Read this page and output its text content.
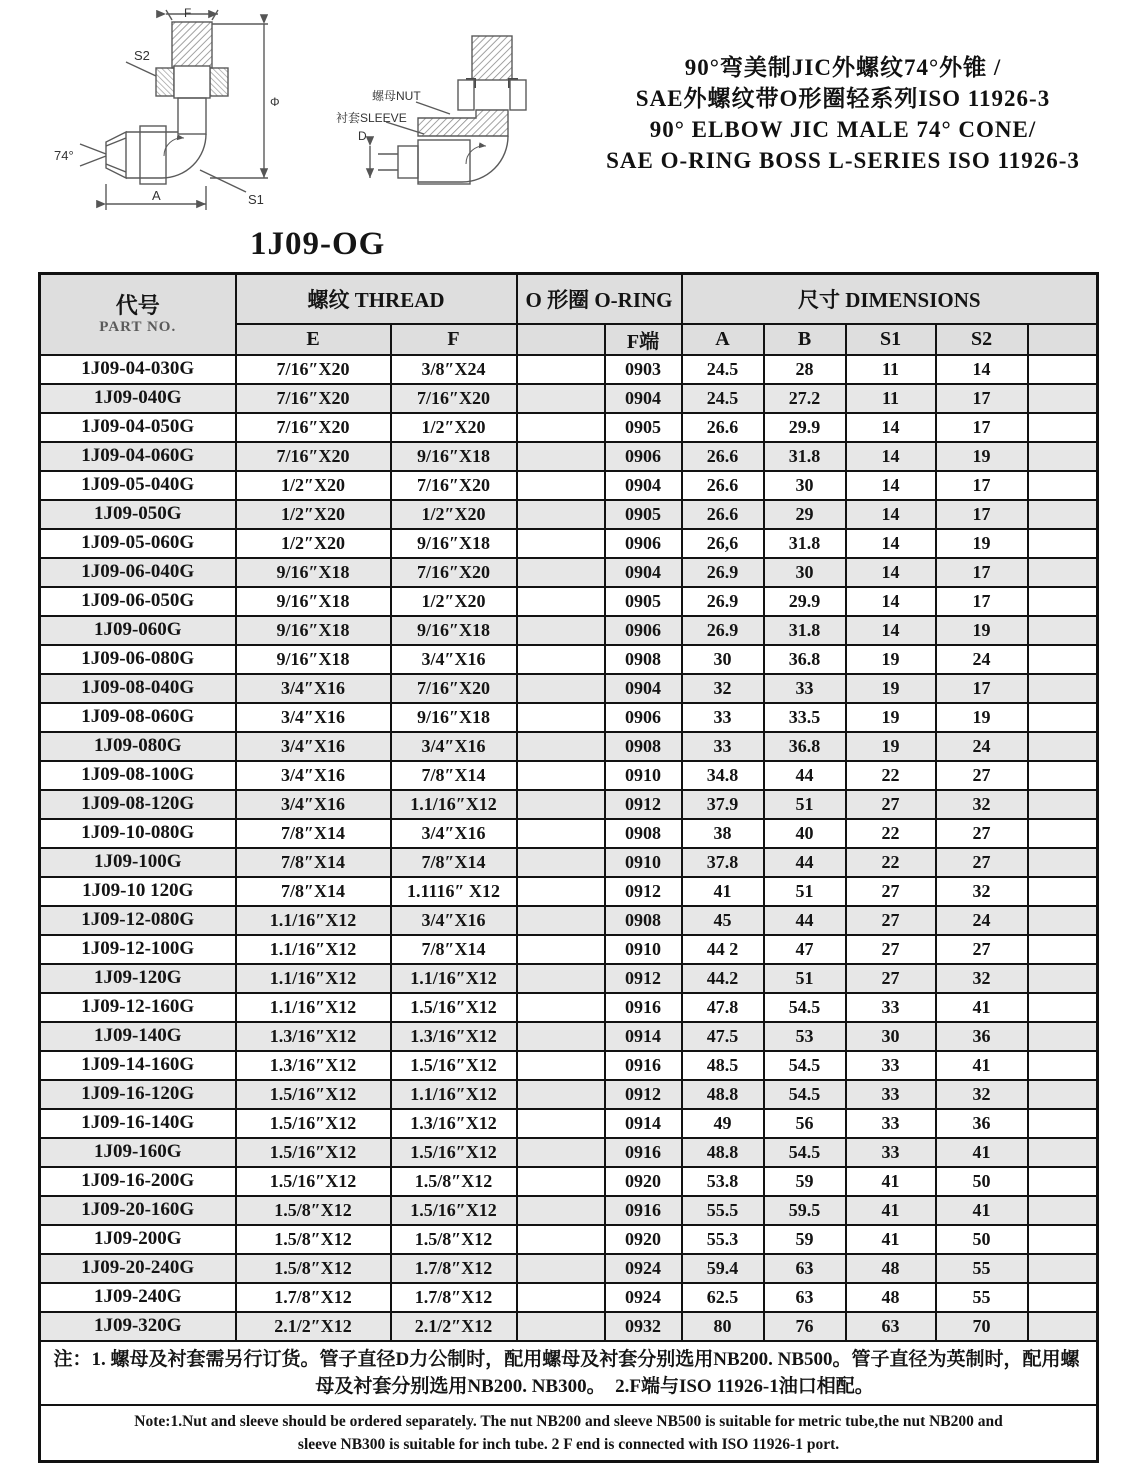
F
S2
74°
A	S1
Φ	螺母NUT
衬套SLEEVE
D
90°弯美制JIC外螺纹74°外锥 /
SAE外螺纹带O形圈轻系列ISO 11926-3
90° ELBOW JIC MALE 74° CONE/
SAE O-RING BOSS L-SERIES ISO 11926-3
1J09-OG
代号
PART NO.	螺纹 THREAD		O 形圈 O-RING		尺寸 DIMENSIONS				
	E	F		F端	A	B	S1	S2	
1J09-04-030G	7/16″X20	3/8″X24		0903	24.5	28	11	14	
1J09-040G	7/16″X20	7/16″X20		0904	24.5	27.2	11	17	
1J09-04-050G	7/16″X20	1/2″X20		0905	26.6	29.9	14	17	
1J09-04-060G	7/16″X20	9/16″X18		0906	26.6	31.8	14	19	
1J09-05-040G	1/2″X20	7/16″X20		0904	26.6	30	14	17	
1J09-050G	1/2″X20	1/2″X20		0905	26.6	29	14	17	
1J09-05-060G	1/2″X20	9/16″X18		0906	26,6	31.8	14	19	
1J09-06-040G	9/16″X18	7/16″X20		0904	26.9	30	14	17	
1J09-06-050G	9/16″X18	1/2″X20		0905	26.9	29.9	14	17	
1J09-060G	9/16″X18	9/16″X18		0906	26.9	31.8	14	19	
1J09-06-080G	9/16″X18	3/4″X16		0908	30	36.8	19	24	
1J09-08-040G	3/4″X16	7/16″X20		0904	32	33	19	17	
1J09-08-060G	3/4″X16	9/16″X18		0906	33	33.5	19	19	
1J09-080G	3/4″X16	3/4″X16		0908	33	36.8	19	24	
1J09-08-100G	3/4″X16	7/8″X14		0910	34.8	44	22	27	
1J09-08-120G	3/4″X16	1.1/16″X12		0912	37.9	51	27	32	
1J09-10-080G	7/8″X14	3/4″X16		0908	38	40	22	27	
1J09-100G	7/8″X14	7/8″X14		0910	37.8	44	22	27	
1J09-10 120G	7/8″X14	1.1116″ X12		0912	41	51	27	32	
1J09-12-080G	1.1/16″X12	3/4″X16		0908	45	44	27	24	
1J09-12-100G	1.1/16″X12	7/8″X14		0910	44 2	47	27	27	
1J09-120G	1.1/16″X12	1.1/16″X12		0912	44.2	51	27	32	
1J09-12-160G	1.1/16″X12	1.5/16″X12		0916	47.8	54.5	33	41	
1J09-140G	1.3/16″X12	1.3/16″X12		0914	47.5	53	30	36	
1J09-14-160G	1.3/16″X12	1.5/16″X12		0916	48.5	54.5	33	41	
1J09-16-120G	1.5/16″X12	1.1/16″X12		0912	48.8	54.5	33	32	
1J09-16-140G	1.5/16″X12	1.3/16″X12		0914	49	56	33	36	
1J09-160G	1.5/16″X12	1.5/16″X12		0916	48.8	54.5	33	41	
1J09-16-200G	1.5/16″X12	1.5/8″X12		0920	53.8	59	41	50	
1J09-20-160G	1.5/8″X12	1.5/16″X12		0916	55.5	59.5	41	41	
1J09-200G	1.5/8″X12	1.5/8″X12		0920	55.3	59	41	50	
1J09-20-240G	1.5/8″X12	1.7/8″X12		0924	59.4	63	48	55	
1J09-240G	1.7/8″X12	1.7/8″X12		0924	62.5	63	48	55	
1J09-320G	2.1/2″X12	2.1/2″X12		0932	80	76	63	70	

注：1. 螺母及衬套需另行订货。管子直径D力公制时，配用螺母及衬套分别选用NB200. NB500。管子直径为英制时，配用螺
母及衬套分别选用NB200. NB300。　2.F端与ISO 11926-1油口相配。									

Note:1.Nut and sleeve should be ordered separately. The nut NB200 and sleeve NB500 is suitable for metric tube,the nut NB200 and
sleeve NB300 is suitable for inch tube. 2 F end is connected with ISO 11926-1 port.									
